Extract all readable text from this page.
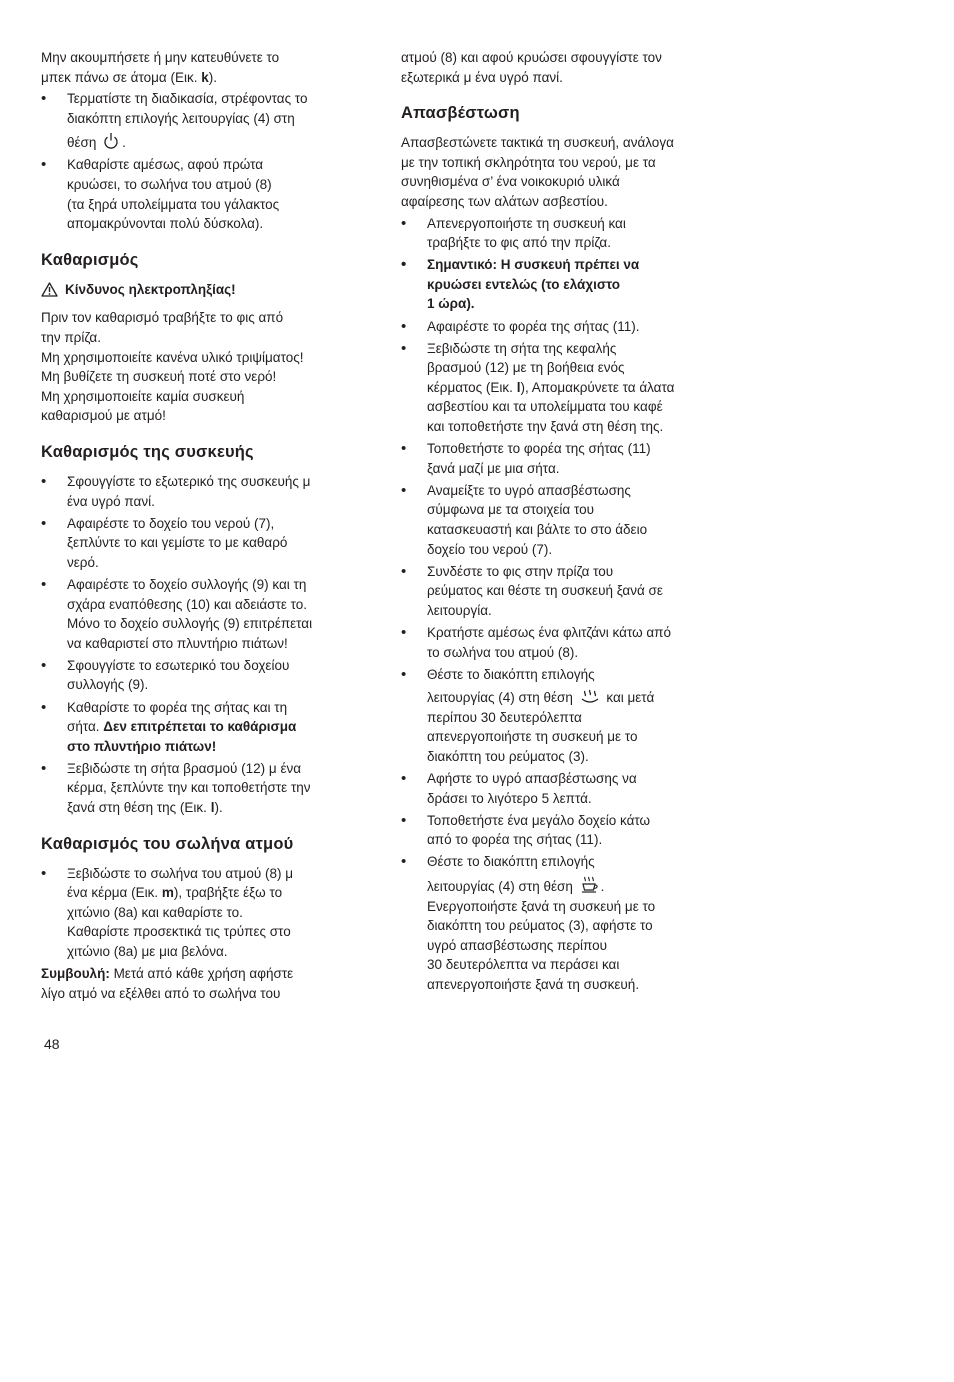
Μην ακουμπήσετε ή μην κατευθύνετε το
μπεκ πάνω σε άτομα (Εικ. k).

• Τερματίστε τη διαδικασία, στρέφοντας το
διακόπτη επιλογής λειτουργίας (4) στη
θέση .
• Καθαρίστε αμέσως, αφού πρώτα
κρυώσει, το σωλήνα του ατμού (8)
(τα ξηρά υπολείμματα του γάλακτος
απομακρύνονται πολύ δύσκολα).
Καθαρισμός
Κίνδυνος ηλεκτροπληξίας!

Πριν τον καθαρισμό τραβήξτε το φις από
την πρίζα.
Μη χρησιμοποιείτε κανένα υλικό τριψίματος!
Μη βυθίζετε τη συσκευή ποτέ στο νερό!
Μη χρησιμοποιείτε καμία συσκευή
καθαρισμού με ατμό!

Καθαρισμός της συσκευής
• Σφουγγίστε το εξωτερικό της συσκευής μ
ένα υγρό πανί.
• Αφαιρέστε το δοχείο του νερού (7),
ξεπλύντε το και γεμίστε το με καθαρό
νερό.
• Αφαιρέστε το δοχείο συλλογής (9) και τη
σχάρα εναπόθεσης (10) και αδειάστε το.
Μόνο το δοχείο συλλογής (9) επιτρέπεται
να καθαριστεί στο πλυντήριο πιάτων!
• Σφουγγίστε το εσωτερικό του δοχείου
συλλογής (9).
• Καθαρίστε το φορέα της σήτας και τη
σήτα. Δεν επιτρέπεται το καθάρισμα
στο πλυντήριο πιάτων!
• Ξεβιδώστε τη σήτα βρασμού (12) μ ένα
κέρμα, ξεπλύντε την και τοποθετήστε την
ξανά στη θέση της (Εικ. l).
Καθαρισμός του σωλήνα ατμού
• Ξεβιδώστε το σωλήνα του ατμού (8) μ
ένα κέρμα (Εικ. m), τραβήξτε έξω το
χιτώνιο (8a) και καθαρίστε το.
Καθαρίστε προσεκτικά τις τρύπες στο
χιτώνιο (8a) με μια βελόνα.

Συμβουλή: Μετά από κάθε χρήση αφήστε
λίγο ατμό να εξέλθει από το σωλήνα του

ατμού (8) και αφού κρυώσει σφουγγίστε τον
εξωτερικά μ ένα υγρό πανί.

Απασβέστωση

Απασβεστώνετε τακτικά τη συσκευή, ανάλογα
με την τοπική σκληρότητα του νερού, με τα
συνηθισμένα σ’ ένα νοικοκυριό υλικά
αφαίρεσης των αλάτων ασβεστίου.

• Απενεργοποιήστε τη συσκευή και
τραβήξτε το φις από την πρίζα.
• Σημαντικό: Η συσκευή πρέπει να
κρυώσει εντελώς (το ελάχιστο
1 ώρα).
• Αφαιρέστε το φορέα της σήτας (11).
• Ξεβιδώστε τη σήτα της κεφαλής
βρασμού (12) με τη βοήθεια ενός
κέρματος (Εικ. l), Απομακρύνετε τα άλατα
ασβεστίου και τα υπολείμματα του καφέ
και τοποθετήστε την ξανά στη θέση της.
• Τοποθετήστε το φορέα της σήτας (11)
ξανά μαζί με μια σήτα.
• Αναμείξτε το υγρό απασβέστωσης
σύμφωνα με τα στοιχεία του
κατασκευαστή και βάλτε το στο άδειο
δοχείο του νερού (7).
• Συνδέστε το φις στην πρίζα του
ρεύματος και θέστε τη συσκευή ξανά σε
λειτουργία.
• Κρατήστε αμέσως ένα φλιτζάνι κάτω από
το σωλήνα του ατμού (8).
• Θέστε το διακόπτη επιλογής
λειτουργίας (4) στη θέση και μετά
περίπου 30 δευτερόλεπτα
απενεργοποιήστε τη συσκευή με το
διακόπτη του ρεύματος (3).
• Αφήστε το υγρό απασβέστωσης να
δράσει το λιγότερο 5 λεπτά.
• Τοποθετήστε ένα μεγάλο δοχείο κάτω
από το φορέα της σήτας (11).
• Θέστε το διακόπτη επιλογής
λειτουργίας (4) στη θέση .
Ενεργοποιήστε ξανά τη συσκευή με το
διακόπτη του ρεύματος (3), αφήστε το
υγρό απασβέστωσης περίπου
30 δευτερόλεπτα να περάσει και
απενεργοποιήστε ξανά τη συσκευή.
48
